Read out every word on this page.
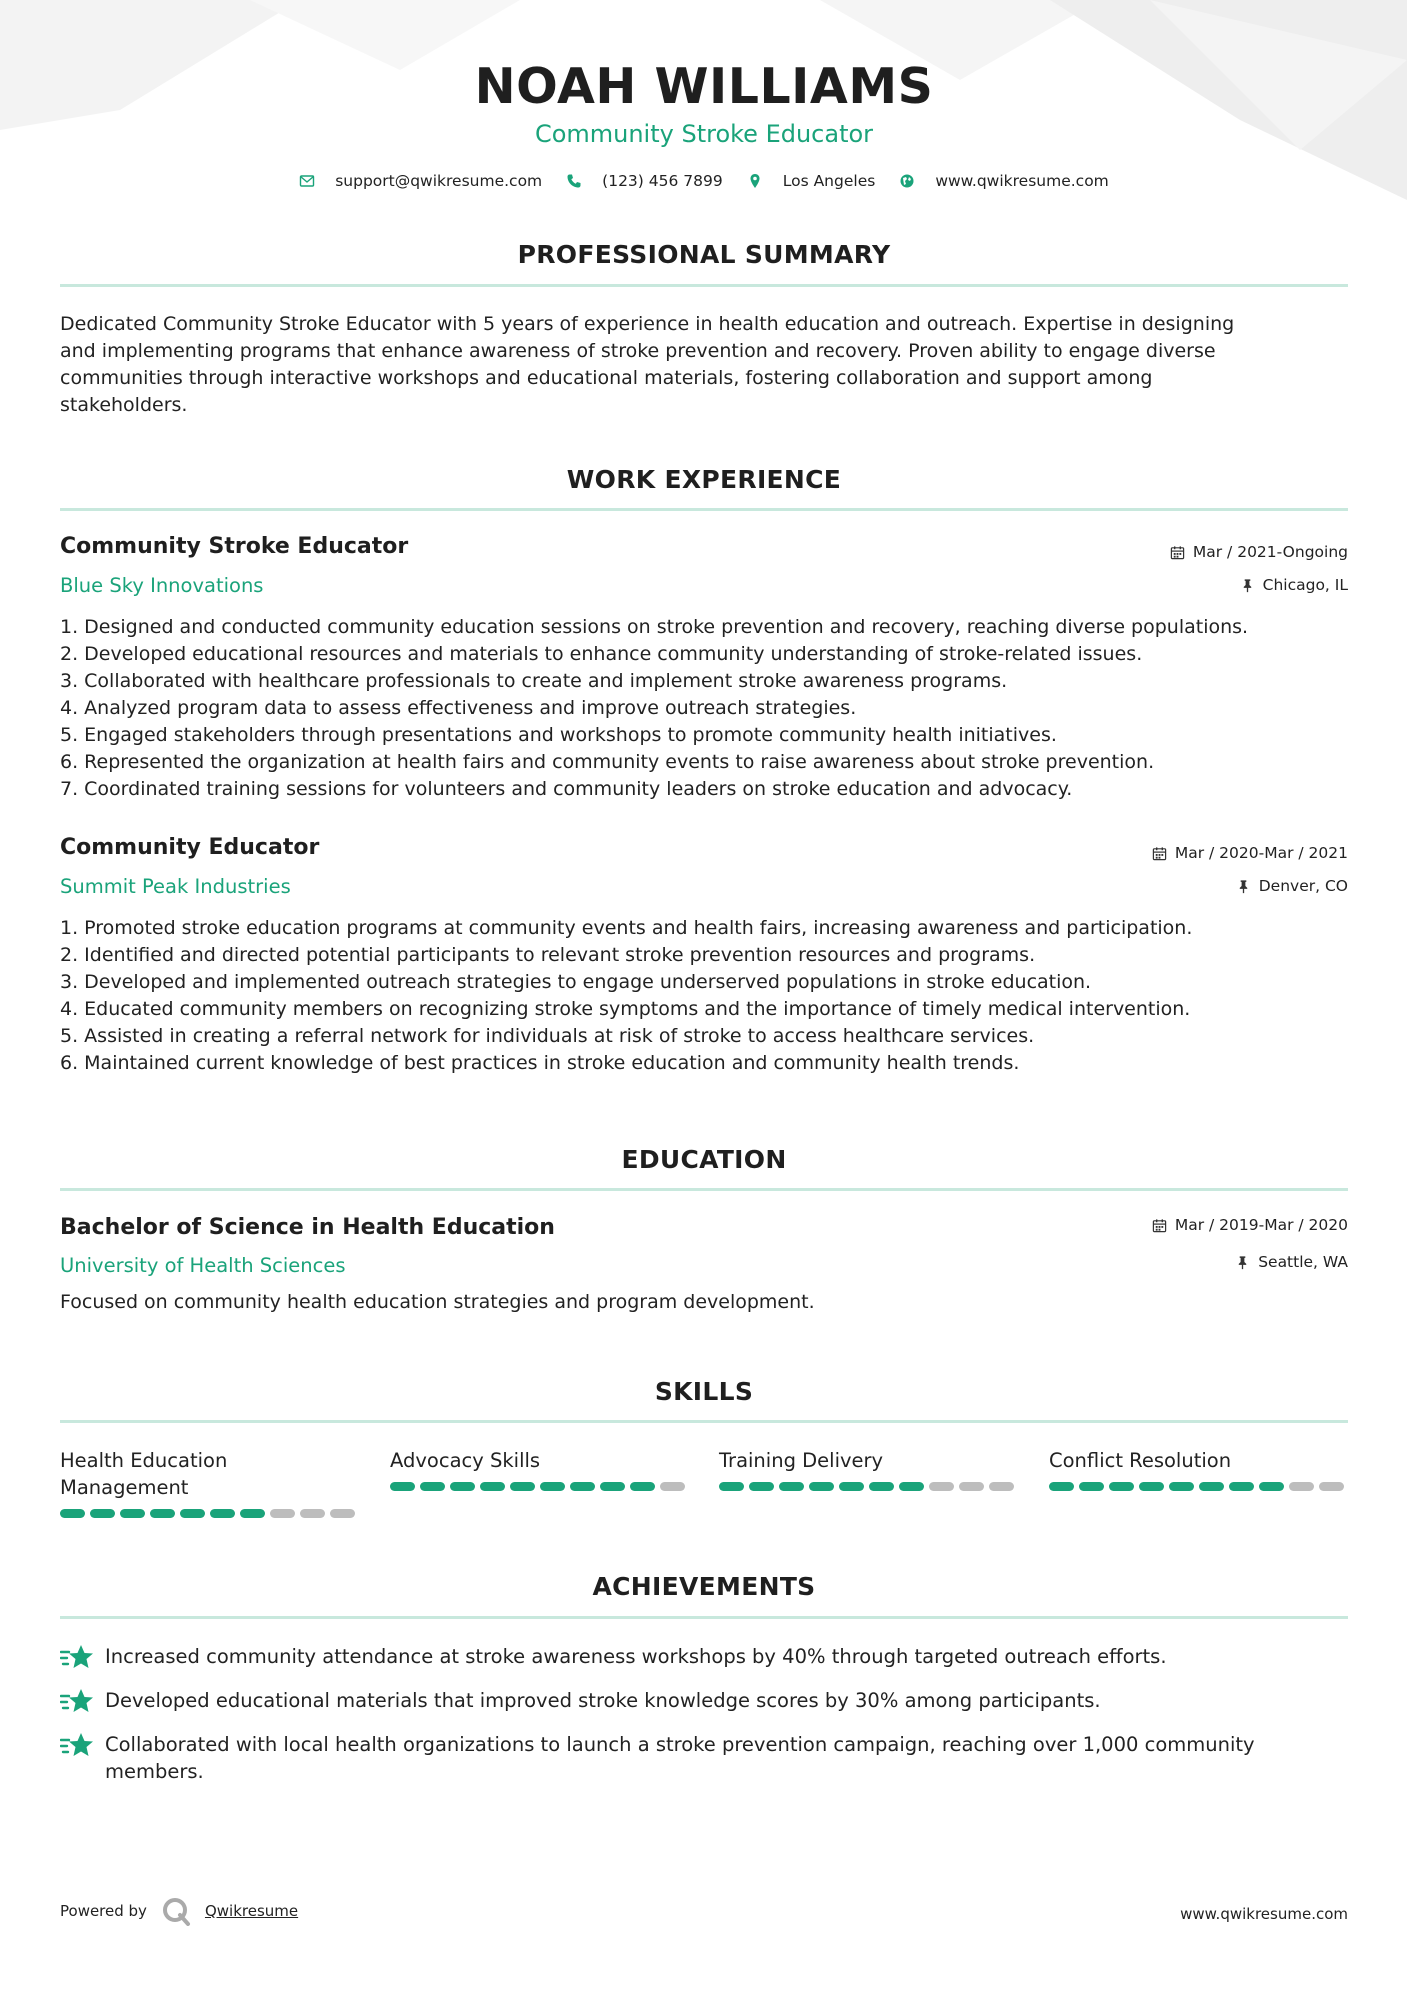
NOAH WILLIAMS
Community Stroke Educator
support@qwikresume.com	(123) 456 7899	Los Angeles	www.qwikresume.com
PROFESSIONAL SUMMARY
Dedicated Community Stroke Educator with 5 years of experience in health education and outreach. Expertise in designing
and implementing programs that enhance awareness of stroke prevention and recovery. Proven ability to engage diverse
communities through interactive workshops and educational materials, fostering collaboration and support among
stakeholders.
WORK EXPERIENCE
Community Stroke Educator	Mar / 2021-Ongoing
Blue Sky Innovations	Chicago, IL
1. Designed and conducted community education sessions on stroke prevention and recovery, reaching diverse populations.
2. Developed educational resources and materials to enhance community understanding of stroke-related issues.
3. Collaborated with healthcare professionals to create and implement stroke awareness programs.
4. Analyzed program data to assess effectiveness and improve outreach strategies.
5. Engaged stakeholders through presentations and workshops to promote community health initiatives.
6. Represented the organization at health fairs and community events to raise awareness about stroke prevention.
7. Coordinated training sessions for volunteers and community leaders on stroke education and advocacy.
Community Educator	Mar / 2020-Mar / 2021
Summit Peak Industries	Denver, CO
1. Promoted stroke education programs at community events and health fairs, increasing awareness and participation.
2. Identified and directed potential participants to relevant stroke prevention resources and programs.
3. Developed and implemented outreach strategies to engage underserved populations in stroke education.
4. Educated community members on recognizing stroke symptoms and the importance of timely medical intervention.
5. Assisted in creating a referral network for individuals at risk of stroke to access healthcare services.
6. Maintained current knowledge of best practices in stroke education and community health trends.
EDUCATION
Bachelor of Science in Health Education	Mar / 2019-Mar / 2020
University of Health Sciences	Seattle, WA
Focused on community health education strategies and program development.
SKILLS
Health Education Management
Advocacy Skills	Training Delivery	Conflict Resolution
ACHIEVEMENTS
Increased community attendance at stroke awareness workshops by 40% through targeted outreach efforts.
Developed educational materials that improved stroke knowledge scores by 30% among participants.
Collaborated with local health organizations to launch a stroke prevention campaign, reaching over 1,000 community members.
Powered by	Qwikresume	www.qwikresume.com
